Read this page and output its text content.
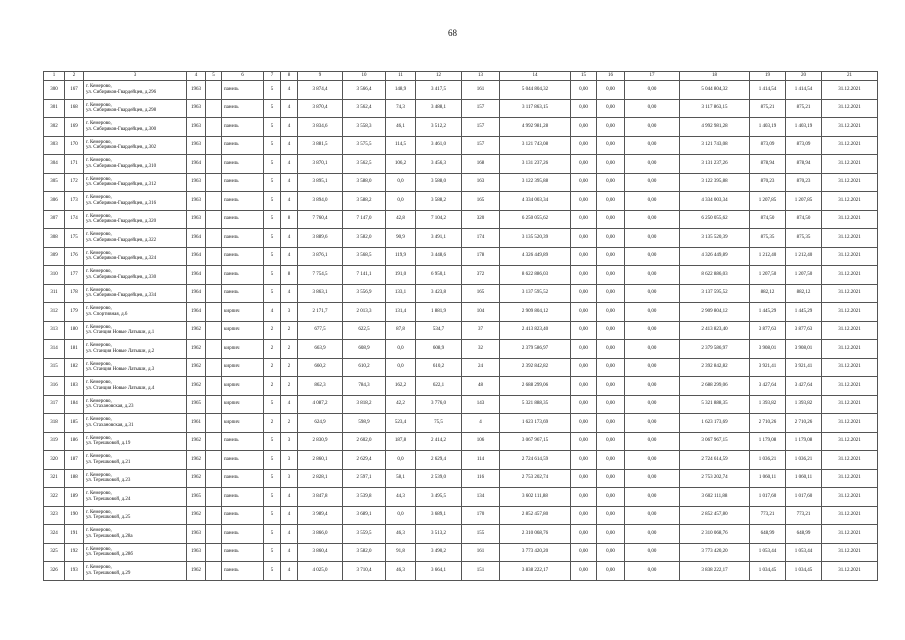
68
1	2	3	4	5	6	7	8	9	10	11	12	13	14	15	16	17	18	19	20	21
300	167	г. Кемерово,
ул. Сибиряков-Гвардейцев, д.296	1963		панель	5	4	3 874,4	3 566,4	148,9	3 417,5	161	5 044 804,32	0,00	0,00	0,00	5 044 804,32	1 414,54	1 414,54	31.12.2021
301	168	г. Кемерово,
ул. Сибиряков-Гвардейцев, д.298	1963		панель	5	4	3 870,4	3 562,4	74,3	3 488,1	157	3 117 863,15	0,00	0,00	0,00	3 117 863,15	875,21	875,21	31.12.2021
302	169	г. Кемерово,
ул. Сибиряков-Гвардейцев, д.300	1963		панель	5	4	3 834,6	3 558,3	46,1	3 512,2	157	4 992 981,28	0,00	0,00	0,00	4 992 981,28	1 403,19	1 403,19	31.12.2021
303	170	г. Кемерово,
ул. Сибиряков-Гвардейцев, д.302	1963		панель	5	4	3 881,5	3 575,5	114,5	3 461,0	157	3 121 743,08	0,00	0,00	0,00	3 121 743,08	873,09	873,09	31.12.2021
304	171	г. Кемерово,
ул. Сибиряков-Гвардейцев, д.310	1964		панель	5	4	3 870,1	3 562,5	106,2	3 456,3	168	3 131 237,26	0,00	0,00	0,00	3 131 237,26	878,94	878,94	31.12.2021
305	172	г. Кемерово,
ул. Сибиряков-Гвардейцев, д.312	1963		панель	5	4	3 895,1	3 588,0	0,0	3 588,0	163	3 122 395,88	0,00	0,00	0,00	3 122 395,88	870,23	870,23	31.12.2021
306	173	г. Кемерово,
ул. Сибиряков-Гвардейцев, д.316	1963		панель	5	4	3 894,0	3 588,2	0,0	3 588,2	165	4 334 003,34	0,00	0,00	0,00	4 334 003,34	1 207,85	1 207,85	31.12.2021
307	174	г. Кемерово,
ул. Сибиряков-Гвардейцев, д.320	1963		панель	5	8	7 760,4	7 147,0	42,8	7 104,2	320	6 250 055,62	0,00	0,00	0,00	6 250 055,62	874,50	874,50	31.12.2021
308	175	г. Кемерово,
ул. Сибиряков-Гвардейцев, д.322	1964		панель	5	4	3 889,6	3 582,0	90,9	3 491,1	174	3 135 520,39	0,00	0,00	0,00	3 135 520,39	875,35	875,35	31.12.2021
309	176	г. Кемерово,
ул. Сибиряков-Гвардейцев, д.324	1964		панель	5	4	3 876,1	3 568,5	119,9	3 448,6	178	4 326 449,89	0,00	0,00	0,00	4 326 449,89	1 212,40	1 212,40	31.12.2021
310	177	г. Кемерово,
ул. Сибиряков-Гвардейцев, д.330	1964		панель	5	8	7 754,5	7 141,1	191,0	6 950,1	372	8 622 886,03	0,00	0,00	0,00	8 622 886,03	1 207,50	1 207,50	31.12.2021
311	178	г. Кемерово,
ул. Сибиряков-Гвардейцев, д.334	1964		панель	5	4	3 863,1	3 556,9	133,1	3 423,8	165	3 137 595,52	0,00	0,00	0,00	3 137 595,52	882,12	882,12	31.12.2021
312	179	г. Кемерово,
ул. Спортивная, д.6	1964		кирпич	4	3	2 171,7	2 013,3	131,4	1 881,9	104	2 909 804,12	0,00	0,00	0,00	2 909 804,12	1 445,29	1 445,29	31.12.2021
313	180	г. Кемерово,
ул. Станция Новые Латыши, д.1	1962		кирпич	2	2	677,5	622,5	87,8	534,7	37	2 413 823,40	0,00	0,00	0,00	2 413 823,40	3 877,63	3 877,63	31.12.2021
314	181	г. Кемерово,
ул. Станция Новые Латыши, д.2	1962		кирпич	2	2	663,9	608,9	0,0	608,9	32	2 379 586,97	0,00	0,00	0,00	2 379 586,97	3 908,01	3 908,01	31.12.2021
315	182	г. Кемерово,
ул. Станция Новые Латыши, д.3	1962		кирпич	2	2	660,2	610,2	0,0	610,2	24	2 392 842,82	0,00	0,00	0,00	2 392 842,82	3 921,41	3 921,41	31.12.2021
316	183	г. Кемерово,
ул. Станция Новые Латыши, д.4	1962		кирпич	2	2	862,3	784,3	162,2	622,1	48	2 688 299,06	0,00	0,00	0,00	2 688 299,06	3 427,64	3 427,64	31.12.2021
317	184	г. Кемерово,
ул. Стахановская, д.23	1965		кирпич	5	4	4 087,2	3 818,2	42,2	3 776,0	143	5 321 888,35	0,00	0,00	0,00	5 321 888,35	1 393,82	1 393,82	31.12.2021
318	185	г. Кемерово,
ул. Стахановская, д.31	1961		кирпич	2	2	624,9	598,9	523,4	75,5	4	1 623 173,69	0,00	0,00	0,00	1 623 173,69	2 710,26	2 710,26	31.12.2021
319	186	г. Кемерово,
ул. Терешковой, д.19	1962		панель	5	3	2 830,9	2 602,0	187,8	2 414,2	106	3 067 967,15	0,00	0,00	0,00	3 067 967,15	1 179,08	1 179,08	31.12.2021
320	187	г. Кемерово,
ул. Терешковой, д.21	1962		панель	5	3	2 860,1	2 629,4	0,0	2 629,4	114	2 724 614,59	0,00	0,00	0,00	2 724 614,59	1 036,21	1 036,21	31.12.2021
321	188	г. Кемерово,
ул. Терешковой, д.23	1962		панель	5	3	2 828,1	2 597,1	58,1	2 539,0	116	2 753 202,74	0,00	0,00	0,00	2 753 202,74	1 060,11	1 060,11	31.12.2021
322	189	г. Кемерово,
ул. Терешковой, д.24	1965		панель	5	4	3 847,8	3 539,8	44,3	3 495,5	134	3 602 111,88	0,00	0,00	0,00	3 602 111,88	1 017,60	1 017,60	31.12.2021
323	190	г. Кемерово,
ул. Терешковой, д.25	1962		панель	5	4	3 989,4	3 689,1	0,0	3 689,1	170	2 852 457,80	0,00	0,00	0,00	2 852 457,80	773,21	773,21	31.12.2021
324	191	г. Кемерово,
ул. Терешковой, д.28а	1963		панель	5	4	3 866,0	3 559,5	46,3	3 513,2	155	2 310 068,76	0,00	0,00	0,00	2 310 068,76	648,99	648,99	31.12.2021
325	192	г. Кемерово,
ул. Терешковой, д.28б	1963		панель	5	4	3 860,4	3 582,0	91,8	3 490,2	161	3 773 420,20	0,00	0,00	0,00	3 773 420,20	1 053,44	1 053,44	31.12.2021
326	193	г. Кемерово,
ул. Терешковой, д.29	1962		панель	5	4	4 025,0	3 710,4	46,3	3 664,1	151	3 838 222,17	0,00	0,00	0,00	3 838 222,17	1 034,45	1 034,45	31.12.2021
